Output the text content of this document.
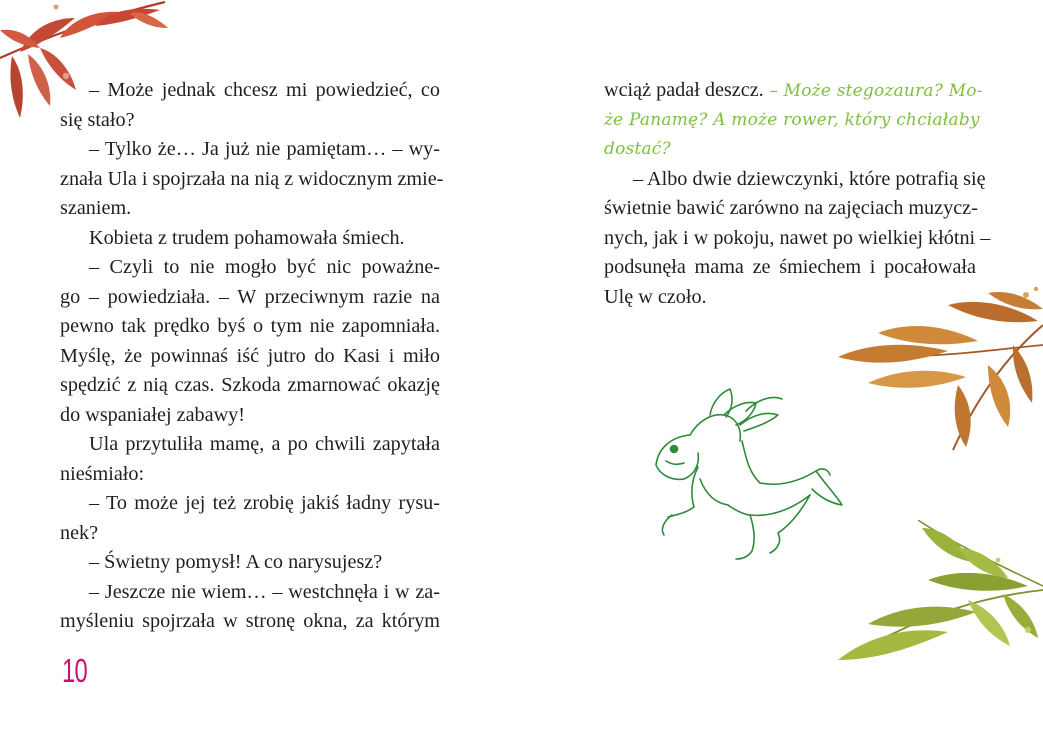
– Może jednak chcesz mi powiedzieć, co
się stało?
– Tylko że… Ja już nie pamiętam… – wy-
znała Ula i spojrzała na nią z widocznym zmie-
szaniem.
Kobieta z trudem pohamowała śmiech.
– Czyli to nie mogło być nic poważne-
go – powiedziała. – W przeciwnym razie na
pewno tak prędko byś o tym nie zapomniała.
Myślę, że powinnaś iść jutro do Kasi i miło
spędzić z nią czas. Szkoda zmarnować okazję
do wspaniałej zabawy!
Ula przytuliła mamę, a po chwili zapytała
nieśmiało:
– To może jej też zrobię jakiś ładny rysu-
nek?
– Świetny pomysł! A co narysujesz?
– Jeszcze nie wiem… – westchnęła i w za-
myśleniu spojrzała w stronę okna, za którym
wciąż padał deszcz. – Może stegozaura? Mo-
że Panamę? A może rower, który chciałaby
dostać?
– Albo dwie dziewczynki, które potrafią się
świetnie bawić zarówno na zajęciach muzycz-
nych, jak i w pokoju, nawet po wielkiej kłótni –
podsunęła mama ze śmiechem i pocałowała
Ulę w czoło.
10
